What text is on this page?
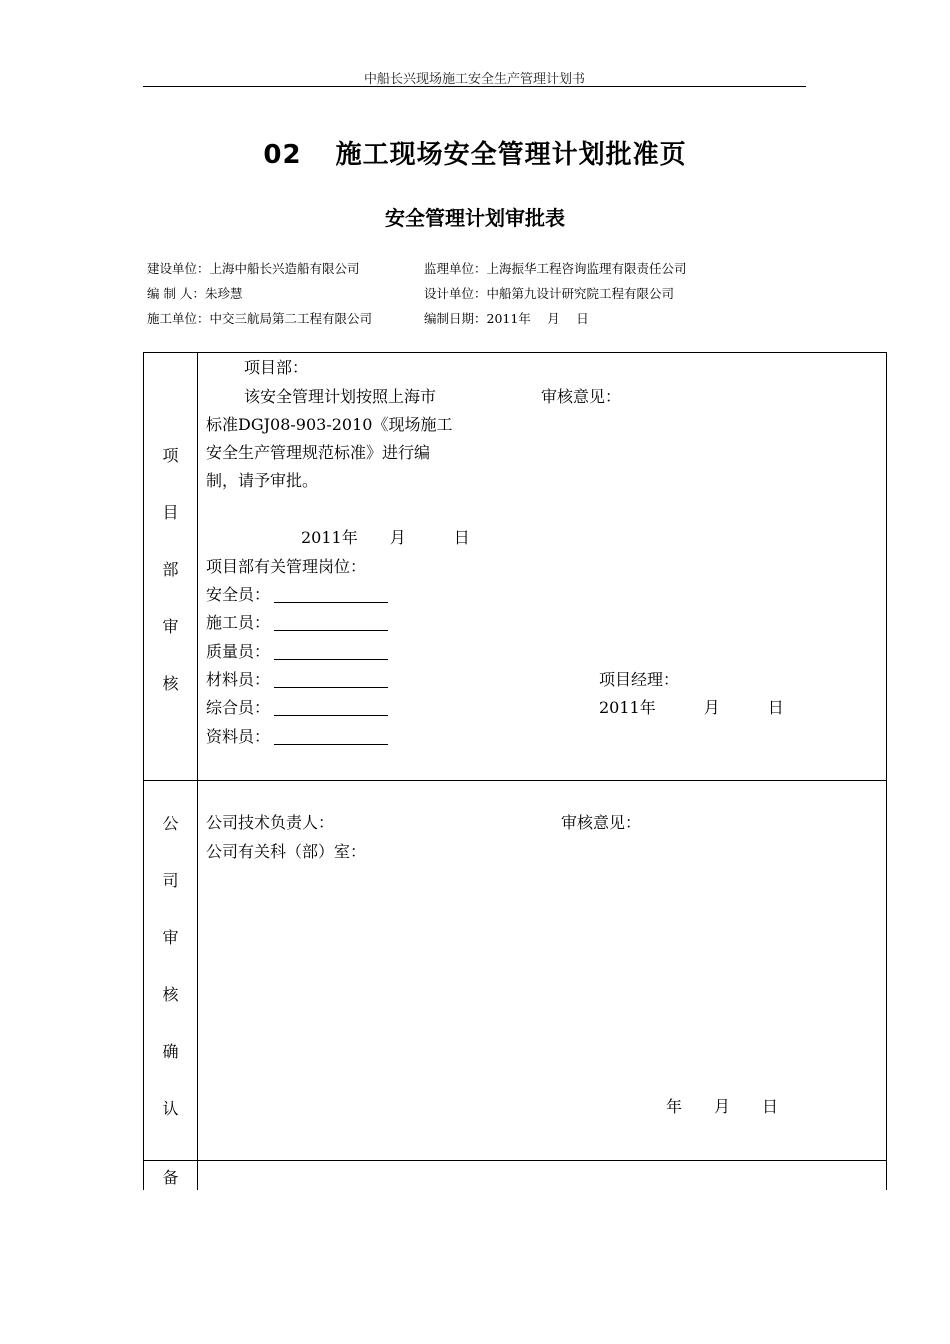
中船长兴现场施工安全生产管理计划书
02 施工现场安全管理计划批准页
安全管理计划审批表
建设单位：上海中船长兴造船有限公司	监理单位：上海振华工程咨询监理有限责任公司
编 制 人：朱珍慧	设计单位：中船第九设计研究院工程有限公司
施工单位：中交三航局第二工程有限公司	编制日期：2011年　 月　 日
项
目
部
审
核
项目部：
该安全管理计划按照上海市
标准DGJ08-903-2010《现场施工
安全生产管理规范标准》进行编
制，请予审批。
审核意见：
2011年　　月　　　日
项目部有关管理岗位：
安全员：
施工员：
质量员：
材料员：
综合员：
资料员：
项目经理：
2011年　　　月　　　日
公
司
审
核
确
认
公司技术负责人：	审核意见：
公司有关科（部）室：
年　　月　　日
备
